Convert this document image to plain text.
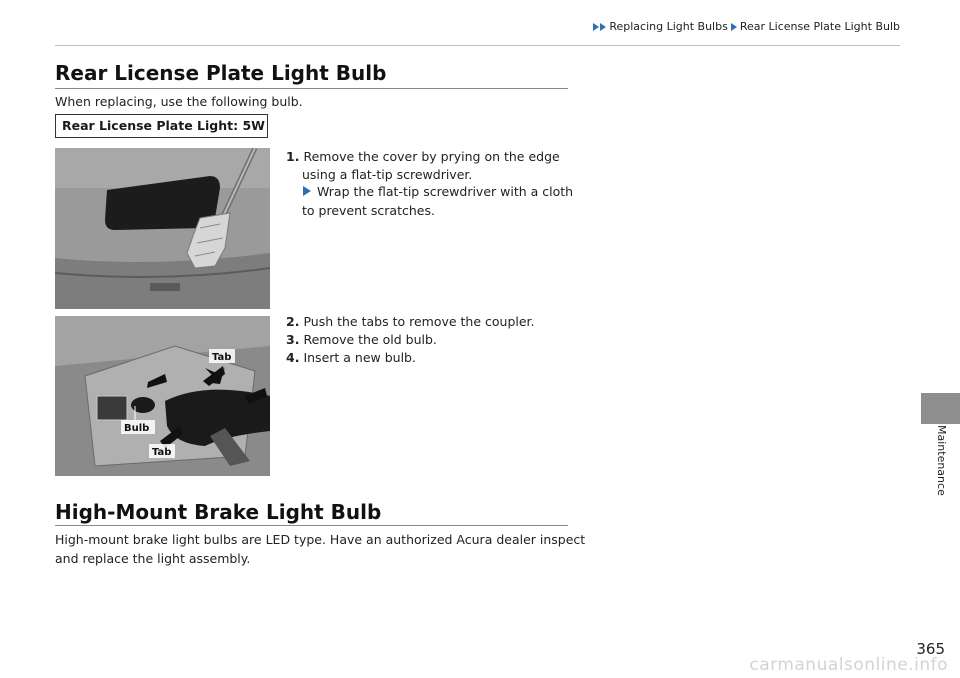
Replacing Light Bulbs Rear License Plate Light Bulb
Rear License Plate Light Bulb
When replacing, use the following bulb.
Rear License Plate Light: 5W
Tab
Bulb
Tab
1. Remove the cover by prying on the edge
using a flat-tip screwdriver.
Wrap the flat-tip screwdriver with a cloth
to prevent scratches.
2. Push the tabs to remove the coupler.
3. Remove the old bulb.
4. Insert a new bulb.
High-Mount Brake Light Bulb
High-mount brake light bulbs are LED type. Have an authorized Acura dealer inspect
and replace the light assembly.
Maintenance
365
carmanualsonline.info
